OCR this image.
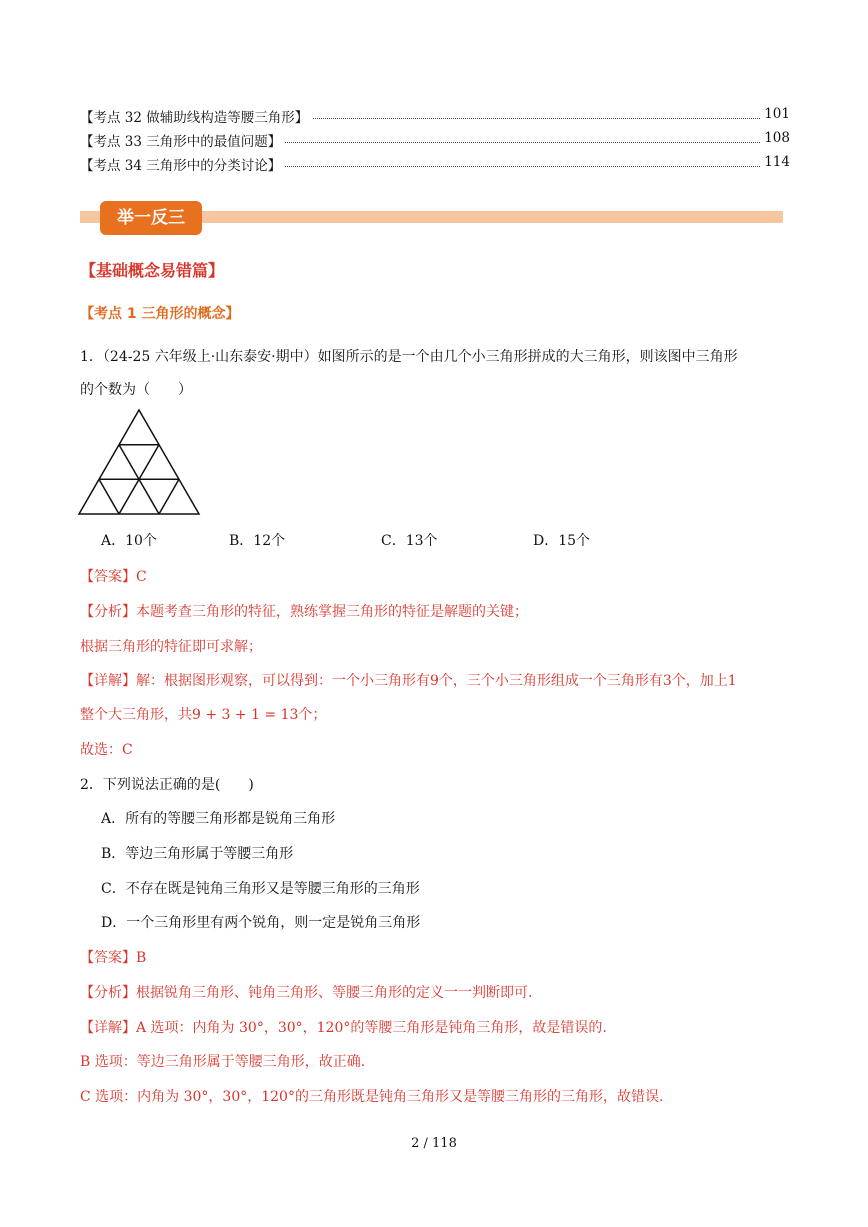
【考点 32 做辅助线构造等腰三角形】	101
【考点 33 三角形中的最值问题】	108
【考点 34 三角形中的分类讨论】	114
举一反三
【基础概念易错篇】
【考点 1 三角形的概念】
1．（24-25 六年级上·山东泰安·期中）如图所示的是一个由几个小三角形拼成的大三角形，则该图中三角形
的个数为（　　）
A．10个	B．12个	C．13个	D．15个
【答案】C
【分析】本题考查三角形的特征，熟练掌握三角形的特征是解题的关键；
根据三角形的特征即可求解；
【详解】解：根据图形观察，可以得到：一个小三角形有9个，三个小三角形组成一个三角形有3个，加上1
整个大三角形，共9 + 3 + 1 = 13个；
故选：C
2．下列说法正确的是(　　)
A．所有的等腰三角形都是锐角三角形
B．等边三角形属于等腰三角形
C．不存在既是钝角三角形又是等腰三角形的三角形
D．一个三角形里有两个锐角，则一定是锐角三角形
【答案】B
【分析】根据锐角三角形、钝角三角形、等腰三角形的定义一一判断即可.
【详解】A 选项：内角为 30°，30°，120°的等腰三角形是钝角三角形，故是错误的.
B 选项：等边三角形属于等腰三角形，故正确.
C 选项：内角为 30°，30°，120°的三角形既是钝角三角形又是等腰三角形的三角形，故错误.
2 / 118
